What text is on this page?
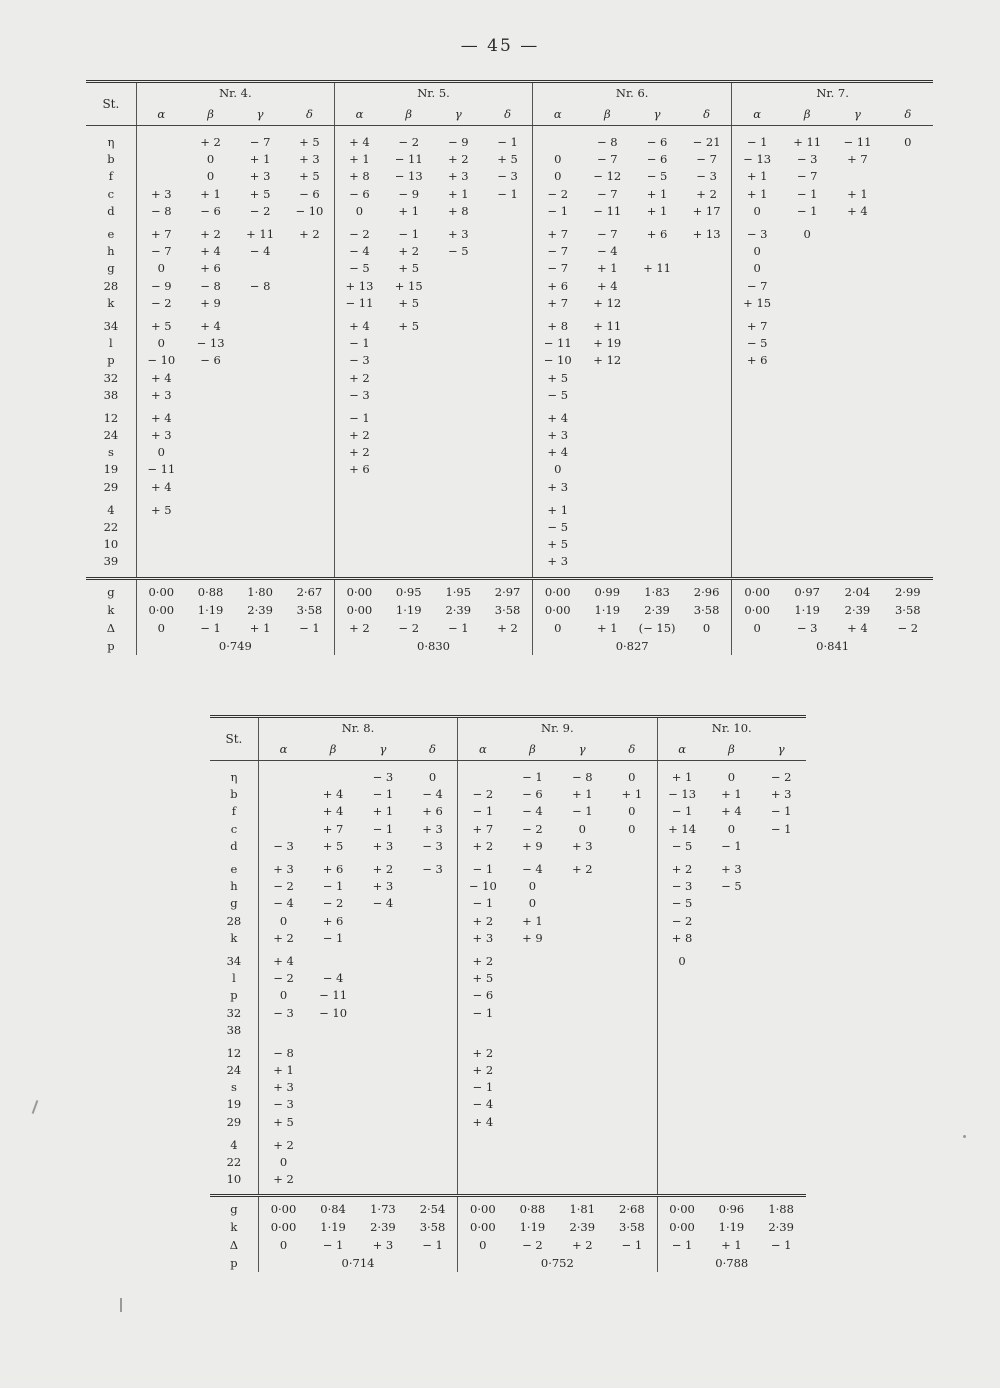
— 45 —
St.	Nr. 4.				Nr. 5.				Nr. 6.				Nr. 7.			
	α	β	γ	δ	α	β	γ	δ	α	β	γ	δ	α	β	γ	δ

η		+ 2	− 7	+ 5	+ 4	− 2	− 9	− 1		− 8	− 6	− 21	− 1	+ 11	− 11	0
b		0	+ 1	+ 3	+ 1	− 11	+ 2	+ 5	0	− 7	− 6	− 7	− 13	− 3	+ 7	
f		0	+ 3	+ 5	+ 8	− 13	+ 3	− 3	0	− 12	− 5	− 3	+ 1	− 7		
c	+ 3	+ 1	+ 5	− 6	− 6	− 9	+ 1	− 1	− 2	− 7	+ 1	+ 2	+ 1	− 1	+ 1	
d	− 8	− 6	− 2	− 10	0	+ 1	+ 8		− 1	− 11	+ 1	+ 17	0	− 1	+ 4	

e	+ 7	+ 2	+ 11	+ 2	− 2	− 1	+ 3		+ 7	− 7	+ 6	+ 13	− 3	0		
h	− 7	+ 4	− 4		− 4	+ 2	− 5		− 7	− 4			0			
g	0	+ 6			− 5	+ 5			− 7	+ 1	+ 11		0			
28	− 9	− 8	− 8		+ 13	+ 15			+ 6	+ 4			− 7			
k	− 2	+ 9			− 11	+ 5			+ 7	+ 12			+ 15			

34	+ 5	+ 4			+ 4	+ 5			+ 8	+ 11			+ 7			
l	0	− 13			− 1				− 11	+ 19			− 5			
p	− 10	− 6			− 3				− 10	+ 12			+ 6			
32	+ 4				+ 2				+ 5							
38	+ 3				− 3				− 5							

12	+ 4				− 1				+ 4							
24	+ 3				+ 2				+ 3							
s	0				+ 2				+ 4							
19	− 11				+ 6				0							
29	+ 4								+ 3							

4	+ 5								+ 1							
22									− 5							
10									+ 5							
39									+ 3							

g	0·00	0·88	1·80	2·67	0·00	0·95	1·95	2·97	0·00	0·99	1·83	2·96	0·00	0·97	2·04	2·99
k	0·00	1·19	2·39	3·58	0·00	1·19	2·39	3·58	0·00	1·19	2·39	3·58	0·00	1·19	2·39	3·58
Δ	0	− 1	+ 1	− 1	+ 2	− 2	− 1	+ 2	0	+ 1	(− 15)	0	0	− 3	+ 4	− 2
p	0·749				0·830				0·827				0·841			
St.	Nr. 8.				Nr. 9.				Nr. 10.		
	α	β	γ	δ	α	β	γ	δ	α	β	γ

η			− 3	0		− 1	− 8	0	+ 1	0	− 2
b		+ 4	− 1	− 4	− 2	− 6	+ 1	+ 1	− 13	+ 1	+ 3
f		+ 4	+ 1	+ 6	− 1	− 4	− 1	0	− 1	+ 4	− 1
c		+ 7	− 1	+ 3	+ 7	− 2	0	0	+ 14	0	− 1
d	− 3	+ 5	+ 3	− 3	+ 2	+ 9	+ 3		− 5	− 1	

e	+ 3	+ 6	+ 2	− 3	− 1	− 4	+ 2		+ 2	+ 3	
h	− 2	− 1	+ 3		− 10	0			− 3	− 5	
g	− 4	− 2	− 4		− 1	0			− 5		
28	0	+ 6			+ 2	+ 1			− 2		
k	+ 2	− 1			+ 3	+ 9			+ 8		

34	+ 4				+ 2				0		
l	− 2	− 4			+ 5						
p	0	− 11			− 6						
32	− 3	− 10			− 1						
38											

12	− 8				+ 2						
24	+ 1				+ 2						
s	+ 3				− 1						
19	− 3				− 4						
29	+ 5				+ 4						

4	+ 2										
22	0										
10	+ 2										

g	0·00	0·84	1·73	2·54	0·00	0·88	1·81	2·68	0·00	0·96	1·88
k	0·00	1·19	2·39	3·58	0·00	1·19	2·39	3·58	0·00	1·19	2·39
Δ	0	− 1	+ 3	− 1	0	− 2	+ 2	− 1	− 1	+ 1	− 1
p	0·714				0·752				0·788		
